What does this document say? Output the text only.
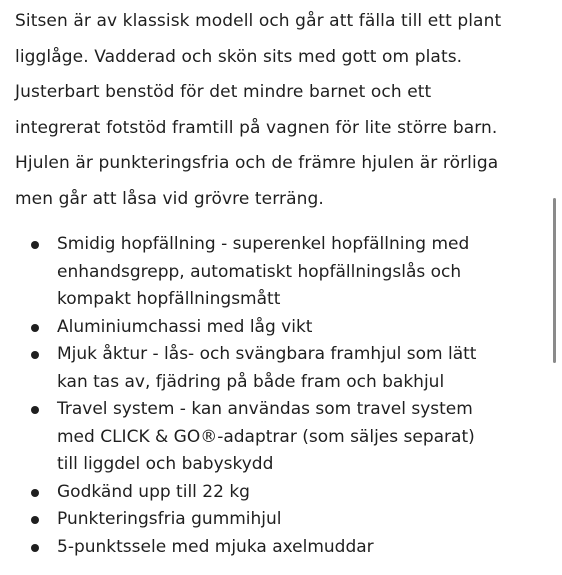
Sitsen är av klassisk modell och går att fälla till ett plant
ligglåge. Vadderad och skön sits med gott om plats.
Justerbart benstöd för det mindre barnet och ett
integrerat fotstöd framtill på vagnen för lite större barn.
Hjulen är punkteringsfria och de främre hjulen är rörliga
men går att låsa vid grövre terräng.

Smidig hopfällning - superenkel hopfällning med
enhandsgrepp, automatiskt hopfällningslås och
kompakt hopfällningsmått
Aluminiumchassi med låg vikt
Mjuk åktur - lås- och svängbara framhjul som lätt
kan tas av, fjädring på både fram och bakhjul
Travel system - kan användas som travel system
med CLICK & GO®-adaptrar (som säljes separat)
till liggdel och babyskydd
Godkänd upp till 22 kg
Punkteringsfria gummihjul
5-punktssele med mjuka axelmuddar
